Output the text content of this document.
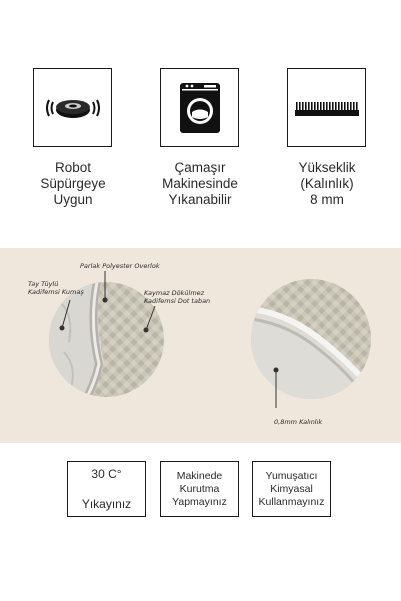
Robot
Süpürgeye
Uygun
Çamaşır
Makinesinde
Yıkanabilir
Yükseklik
(Kalınlık)
8 mm
Parlak Polyester Overlok
Tay Tüylü
Kadifemsi Kumaş	Kaymaz Dökülmez
Kadifemsi Dot taban
0,8mm Kalınlık

30 C°

Yıkayınız

Makinede
Kurutma
Yapmayınız
Yumuşatıcı
Kimyasal
Kullanmayınız
